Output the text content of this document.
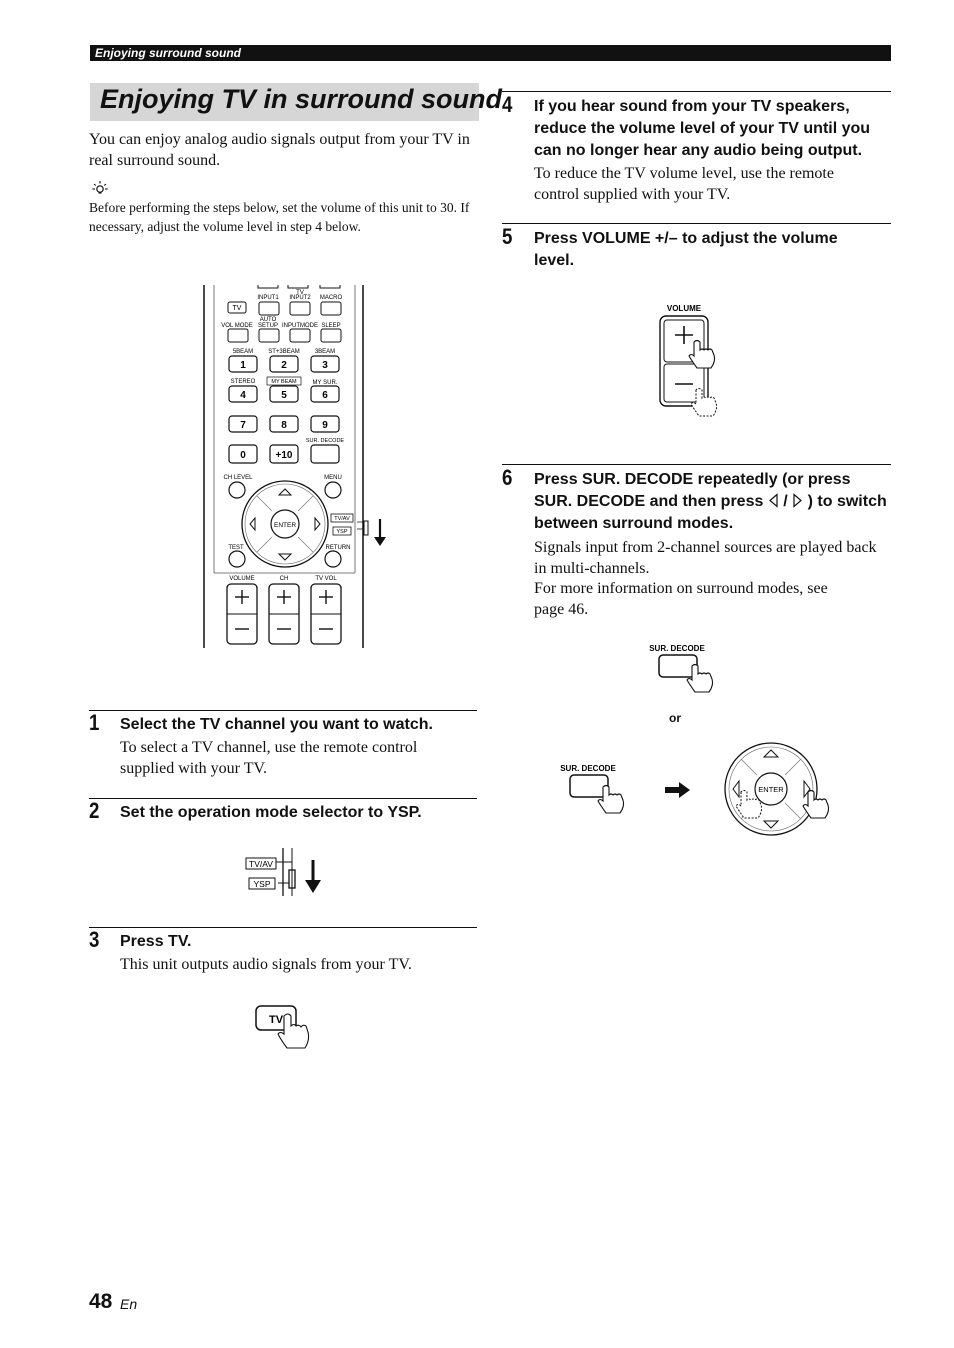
Enjoying surround sound
Enjoying TV in surround sound
You can enjoy analog audio signals output from your TV in real surround sound.
Before performing the steps below, set the volume of this unit to 30. If necessary, adjust the volume level in step 4 below.
INPUT1
TV
INPUT2 MACRO
TV
AUTO
VOL MODE SETUP INPUTMODE SLEEP
5BEAM	ST+3BEAM	3BEAM
1	2	3
STEREO	MY BEAM	MY SUR.
4	5	6
7	8	9
SUR. DECODE
0	+10
CH LEVEL	MENU
ENTER
TV/AV
YSP
TEST	RETURN
VOLUME	CH	TV VOL
1 Select the TV channel you want to watch.
To select a TV channel, use the remote control supplied with your TV.
2 Set the operation mode selector to YSP.
TV/AV
YSP
3 Press TV.
This unit outputs audio signals from your TV.
TV
4 If you hear sound from your TV speakers, reduce the volume level of your TV until you can no longer hear any audio being output.
To reduce the TV volume level, use the remote control supplied with your TV.
5 Press VOLUME +/– to adjust the volume level.
VOLUME
6 Press SUR. DECODE repeatedly (or press SUR. DECODE and then press / ) to switch between surround modes.
Signals input from 2-channel sources are played back in multi-channels.
For more information on surround modes, see page 46.
SUR. DECODE
or
SUR. DECODE
ENTER
48 En
